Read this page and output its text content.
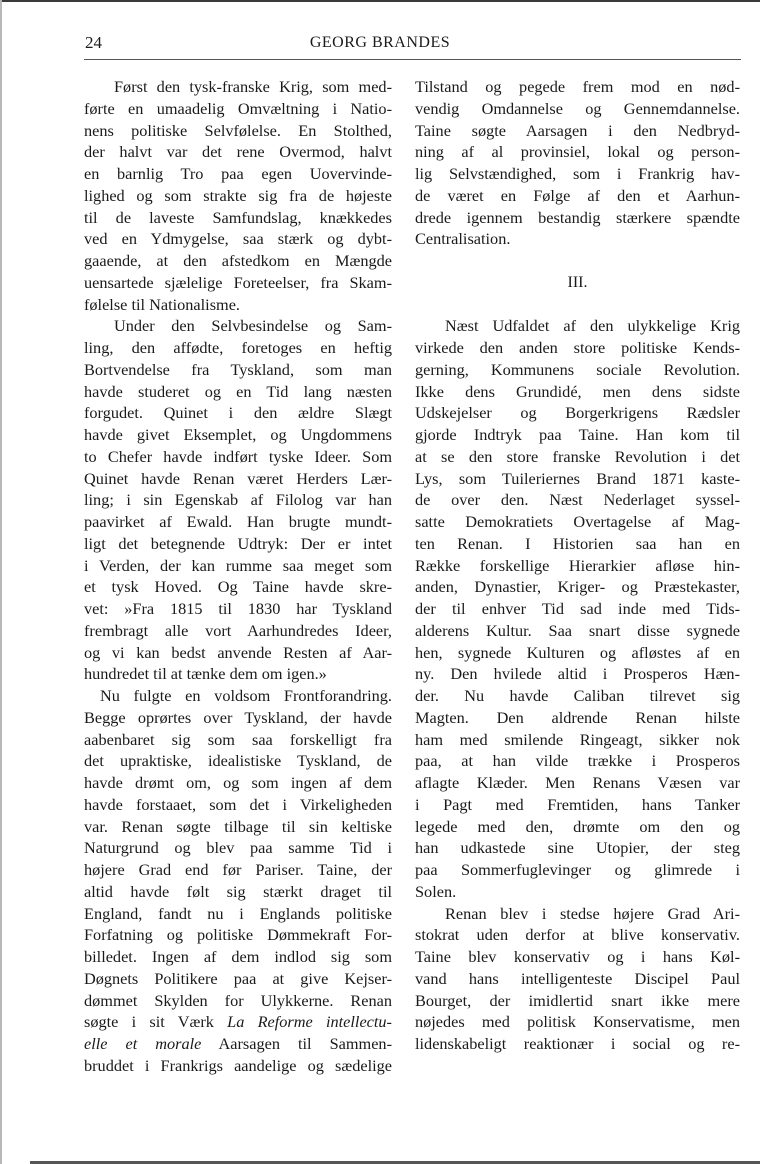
24	GEORG BRANDES
Først den tysk-franske Krig, som med-
førte en umaadelig Omvæltning i Natio-
nens politiske Selvfølelse. En Stolthed,
der halvt var det rene Overmod, halvt
en barnlig Tro paa egen Uovervinde-
lighed og som strakte sig fra de højeste
til de laveste Samfundslag, knækkedes
ved en Ydmygelse, saa stærk og dybt-
gaaende, at den afstedkom en Mængde
uensartede sjælelige Foreteelser, fra Skam-
følelse til Nationalisme.
Under den Selvbesindelse og Sam-
ling, den affødte, foretoges en heftig
Bortvendelse fra Tyskland, som man
havde studeret og en Tid lang næsten
forgudet. Quinet i den ældre Slægt
havde givet Eksemplet, og Ungdommens
to Chefer havde indført tyske Ideer. Som
Quinet havde Renan været Herders Lær-
ling; i sin Egenskab af Filolog var han
paavirket af Ewald. Han brugte mundt-
ligt det betegnende Udtryk: Der er intet
i Verden, der kan rumme saa meget som
et tysk Hoved. Og Taine havde skre-
vet: »Fra 1815 til 1830 har Tyskland
frembragt alle vort Aarhundredes Ideer,
og vi kan bedst anvende Resten af Aar-
hundredet til at tænke dem om igen.»
Nu fulgte en voldsom Frontforandring.
Begge oprørtes over Tyskland, der havde
aabenbaret sig som saa forskelligt fra
det upraktiske, idealistiske Tyskland, de
havde drømt om, og som ingen af dem
havde forstaaet, som det i Virkeligheden
var. Renan søgte tilbage til sin keltiske
Naturgrund og blev paa samme Tid i
højere Grad end før Pariser. Taine, der
altid havde følt sig stærkt draget til
England, fandt nu i Englands politiske
Forfatning og politiske Dømmekraft For-
billedet. Ingen af dem indlod sig som
Døgnets Politikere paa at give Kejser-
dømmet Skylden for Ulykkerne. Renan
søgte i sit Værk La Reforme intellectu-
elle et morale Aarsagen til Sammen-
bruddet i Frankrigs aandelige og sædelige
Tilstand og pegede frem mod en nød-
vendig Omdannelse og Gennemdannelse.
Taine søgte Aarsagen i den Nedbryd-
ning af al provinsiel, lokal og person-
lig Selvstændighed, som i Frankrig hav-
de været en Følge af den et Aarhun-
drede igennem bestandig stærkere spændte
Centralisation.
III.
Næst Udfaldet af den ulykkelige Krig
virkede den anden store politiske Kends-
gerning, Kommunens sociale Revolution.
Ikke dens Grundidé, men dens sidste
Udskejelser og Borgerkrigens Rædsler
gjorde Indtryk paa Taine. Han kom til
at se den store franske Revolution i det
Lys, som Tuileriernes Brand 1871 kaste-
de over den. Næst Nederlaget syssel-
satte Demokratiets Overtagelse af Mag-
ten Renan. I Historien saa han en
Række forskellige Hierarkier afløse hin-
anden, Dynastier, Kriger- og Præstekaster,
der til enhver Tid sad inde med Tids-
alderens Kultur. Saa snart disse sygnede
hen, sygnede Kulturen og afløstes af en
ny. Den hvilede altid i Prosperos Hæn-
der. Nu havde Caliban tilrevet sig
Magten. Den aldrende Renan hilste
ham med smilende Ringeagt, sikker nok
paa, at han vilde trække i Prosperos
aflagte Klæder. Men Renans Væsen var
i Pagt med Fremtiden, hans Tanker
legede med den, drømte om den og
han udkastede sine Utopier, der steg
paa Sommerfuglevinger og glimrede i
Solen.
Renan blev i stedse højere Grad Ari-
stokrat uden derfor at blive konservativ.
Taine blev konservativ og i hans Køl-
vand hans intelligenteste Discipel Paul
Bourget, der imidlertid snart ikke mere
nøjedes med politisk Konservatisme, men
lidenskabeligt reaktionær i social og re-
